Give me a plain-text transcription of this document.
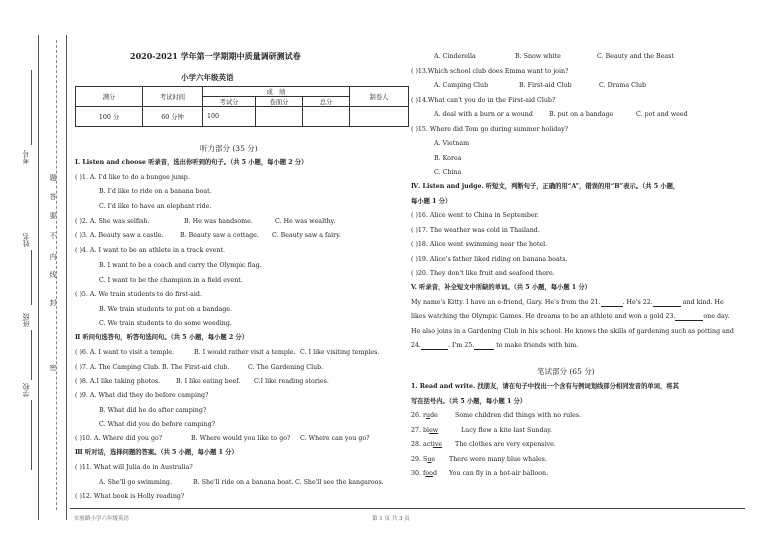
学校
班级
姓名
考号
密
封
线
内
不
要
答
题
2020-2021 学年第一学期期中质量调研测试卷
小学六年级英语
满分	考试时间	成　绩			制卷人
		考试分	卷面分	总分	
100 分	60 分钟	100			
听力部分 (35 分)
I. Listen and choose 听录音，选出你听到的句子。（共 5 小题，每小题 2 分）
( )1. A. I'd like to do a bungee jump.
B. I'd like to ride on a banana boat.
C. I'd like to have an elephant ride.
( )2. A. She was selfish.	B. He was handsome.	C. He was wealthy.
( )3. A. Beauty saw a castle.	B. Beauty saw a cottage. C. Beauty saw a fairy.
( )4. A. I want to be an athlete in a track event.
B. I want to be a coach and carry the Olympic flag.
C. I want to be the champion in a field event.
( )5. A. We train students to do first-aid.
B. We train students to put on a bandage.
C. We train students to do some weeding.
Ⅱ 听问句选答句，听答句选问句。（共 5 小题，每小题 2 分）
( )6. A. I want to visit a temple.	B. I would rather visit a temple. C. I like visiting temples.
( )7. A. The Camping Club. B. The First-aid club.	C. The Gardening Club.
( )8. A.I like taking photos.	B. I like eating beef. C.I like reading stories.
( )9. A. What did they do before camping?
B. What did he do after camping?
C. What did you do before camping?
( )10. A. Where did you go?	B. Where would you like to go? C. Where can you go?
Ⅲ 听对话，选择问题的答案。（共 5 小题，每小题 1 分）
( )11. What will Julia do in Australia?
A. She'll go swimming.	B. She'll ride on a banana boat. C. She'll see the kangaroos.
( )12. What book is Holly reading?
A. Cinderella	B. Snow white	C. Beauty and the Beast
( )13.Which school club does Emma want to join?
A. Camping Club	B. First-aid Club	C. Drama Club
( )14.What can't you do in the First-aid Club?
A. deal with a burn or a wound	B. put on a bandage	C. pot and weed
( )15. Where did Tom go during summer holiday?
A. Vietnam
B. Korea
C. China
Ⅳ. Listen and judge. 听短文，判断句子，正确的用“A”，错误的用“B”表示。（共 5 小题，
每小题 1 分）
( )16. Alice went to China in September.
( )17. The weather was cold in Thailand.
( )18. Alice went swimming near the hotel.
( )19. Alice's father liked riding on banana boats.
( )20. They don't like fruit and seafood there.
V. 听录音，补全短文中所缺的单词。（共 5 小题，每小题 1 分）
My name's Kitty. I have an e-friend, Gary. He's from the 21.	. He's 22.	and kind. He
likes watching the Olympic Games. He dreams to be an athlete and won a gold 23.	one day.
He also joins in a Gardening Club in his school. He knows the skills of gardening such as potting and
24.	. I'm 25.	to make friends with him.
笔试部分 (65 分)
1. Read and write. 找朋友，请在句子中找出一个含有与例词划线部分相同发音的单词，将其
写在括号内。（共 5 小题，每小题 1 分）
26. rude	Some children did things with no rules.
27. blew	Lucy flew a kite last Sunday.
28. active The clothes are very expensive.
29. Sue There were many blue whales.
30. food You can fly in a hot-air balloon.
实验路小学六年级英语	第 1 页 共 3 页
